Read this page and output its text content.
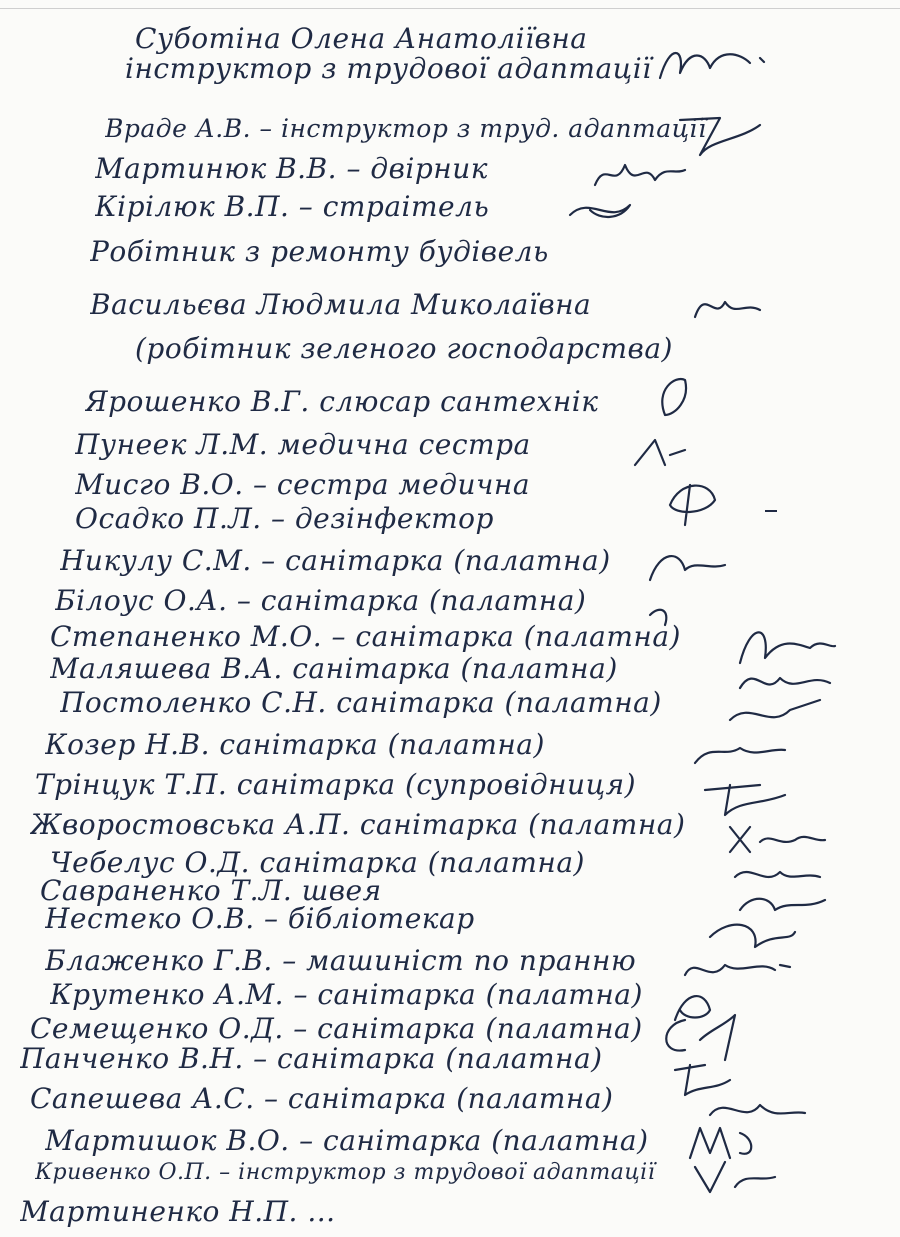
Суботіна Олена Анатоліївна
інструктор з трудової адаптації
Враде А.В. – інструктор з труд. адаптації
Мартинюк В.В. – двірник
Кірілюк В.П. – страітель
Робітник з ремонту будівель
Васильєва Людмила Миколаївна
(робітник зеленого господарства)
Ярошенко В.Г. слюсар сантехнік
Пунеек Л.М. медична сестра
Мисго В.О. – сестра медична
Осадко П.Л. – дезінфектор
Никулу С.М. – санітарка (палатна)
Білоус О.А. – санітарка (палатна)
Степаненко М.О. – санітарка (палатна)
Маляшева В.А. санітарка (палатна)
Постоленко С.Н. санітарка (палатна)
Козер Н.В. санітарка (палатна)
Трінцук Т.П. санітарка (супровідниця)
Жворостовська А.П. санітарка (палатна)
Чебелус О.Д. санітарка (палатна)
Савраненко Т.Л. швея
Нестеко О.В. – бібліотекар
Блаженко Г.В. – машиніст по пранню
Крутенко А.М. – санітарка (палатна)
Семещенко О.Д. – санітарка (палатна)
Панченко В.Н. – санітарка (палатна)
Сапешева А.С. – санітарка (палатна)
Мартишок В.О. – санітарка (палатна)
Кривенко О.П. – інструктор з трудової адаптації
Мартиненко Н.П. ...
